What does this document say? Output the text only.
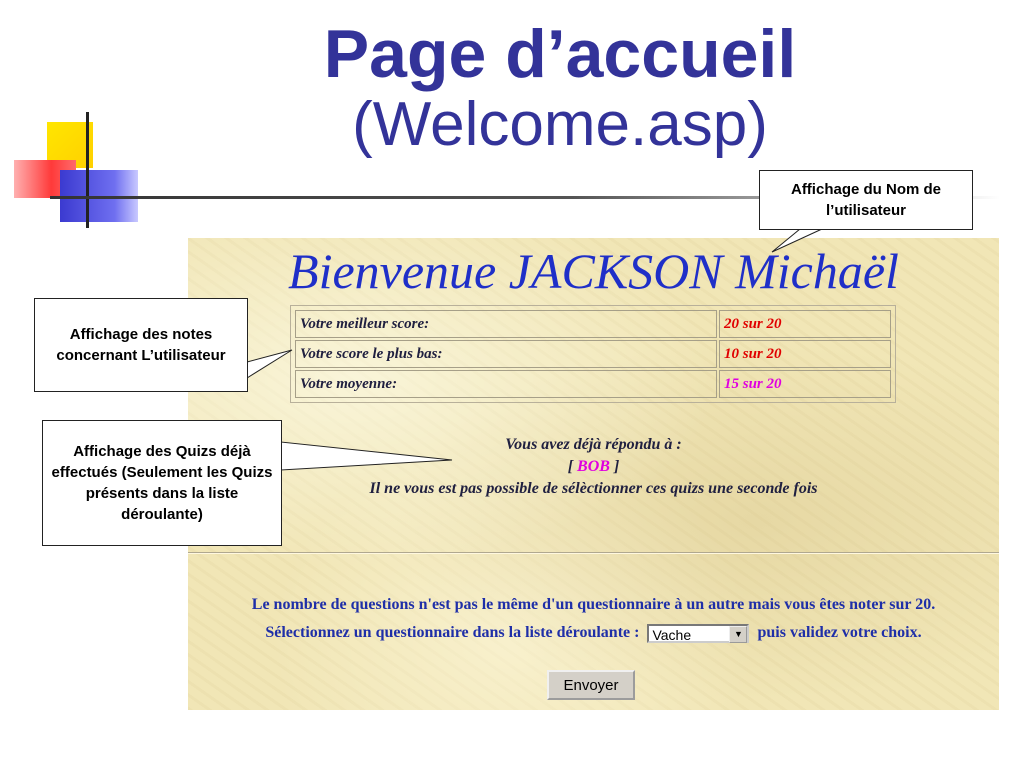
Page d’accueil
(Welcome.asp)
Bienvenue JACKSON Michaël
Votre meilleur score:	20 sur 20
Votre score le plus bas:	10 sur 20
Votre moyenne:	15 sur 20
Vous avez déjà répondu à :
[ BOB ]
Il ne vous est pas possible de sélèctionner ces quizs une seconde fois
Le nombre de questions n'est pas le même d'un questionnaire à un autre mais vous êtes noter sur 20.
Sélectionnez un questionnaire dans la liste déroulante : Vache	▼ puis validez votre choix.
Envoyer
Affichage du Nom de l’utilisateur
Affichage des notes concernant L’utilisateur
Affichage des Quizs déjà effectués (Seulement les Quizs présents dans la liste déroulante)
